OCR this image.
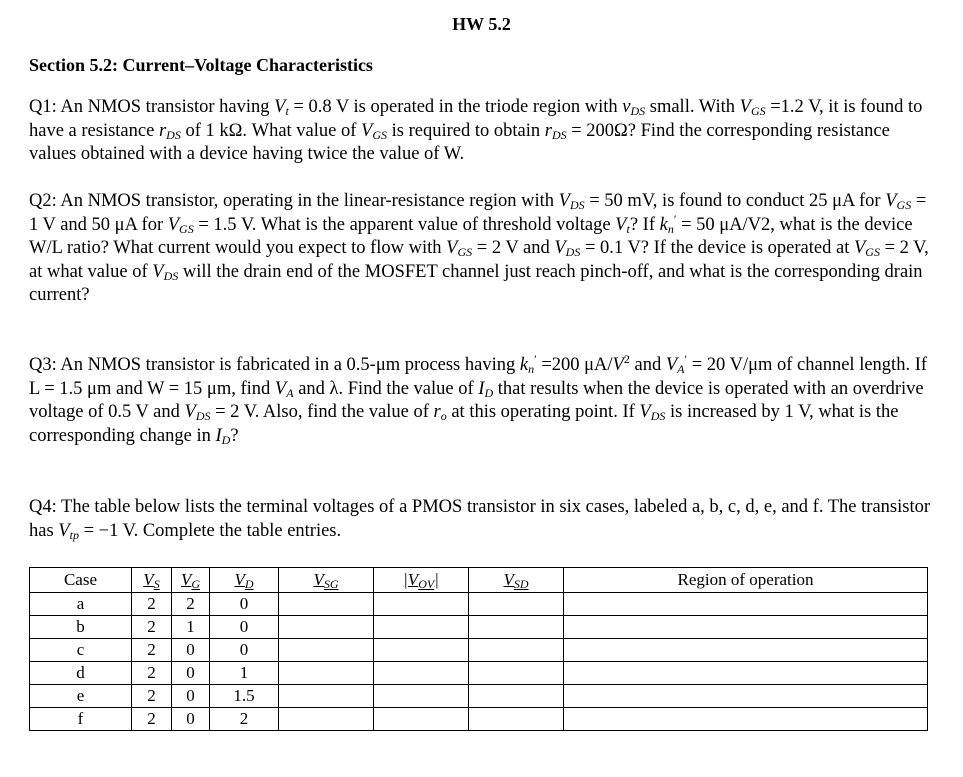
HW 5.2
Section 5.2: Current–Voltage Characteristics
Q1: An NMOS transistor having $V_t = 0.8$ V is operated in the triode region with $v_{DS}$ small. With $V_{GS} =1.2$ V, it is found to have a resistance $r_{DS}$ of 1 kΩ. What value of $V_{GS}$ is required to obtain $r_{DS} = 200\Omega$? Find the corresponding resistance values obtained with a device having twice the value of W.
Q2: An NMOS transistor, operating in the linear-resistance region with $V_{DS} = 50$ mV, is found to conduct 25 μA for $V_{GS} = 1$ V and 50 μA for $V_{GS} = 1.5$ V. What is the apparent value of threshold voltage $V_t$? If $k_n' = 50$ μA/V2, what is the device W/L ratio? What current would you expect to flow with $V_{GS} = 2$ V and $V_{DS} = 0.1$ V? If the device is operated at $V_{GS} = 2$ V, at what value of $V_{DS}$ will the drain end of the MOSFET channel just reach pinch-off, and what is the corresponding drain current?
Q3: An NMOS transistor is fabricated in a 0.5-μm process having $k_n' =200$ $\mu A/V^2$ and $V_A' = 20$ V/μm of channel length. If L = 1.5 μm and W = 15 μm, find $V_A$ and λ. Find the value of $I_D$ that results when the device is operated with an overdrive voltage of 0.5 V and $V_{DS} = 2$ V. Also, find the value of $r_o$ at this operating point. If $V_{DS}$ is increased by 1 V, what is the corresponding change in $I_D$?
Q4: The table below lists the terminal voltages of a PMOS transistor in six cases, labeled a, b, c, d, e, and f. The transistor has $V_{tp} = -1$ V. Complete the table entries.
Case	$V_S$	$V_G$	$V_D$	$V_{SG}$	$|V_{OV}|$	$V_{SD}$	Region of operation
a	2	2	0				
b	2	1	0				
c	2	0	0				
d	2	0	1				
e	2	0	1.5				
f	2	0	2				
